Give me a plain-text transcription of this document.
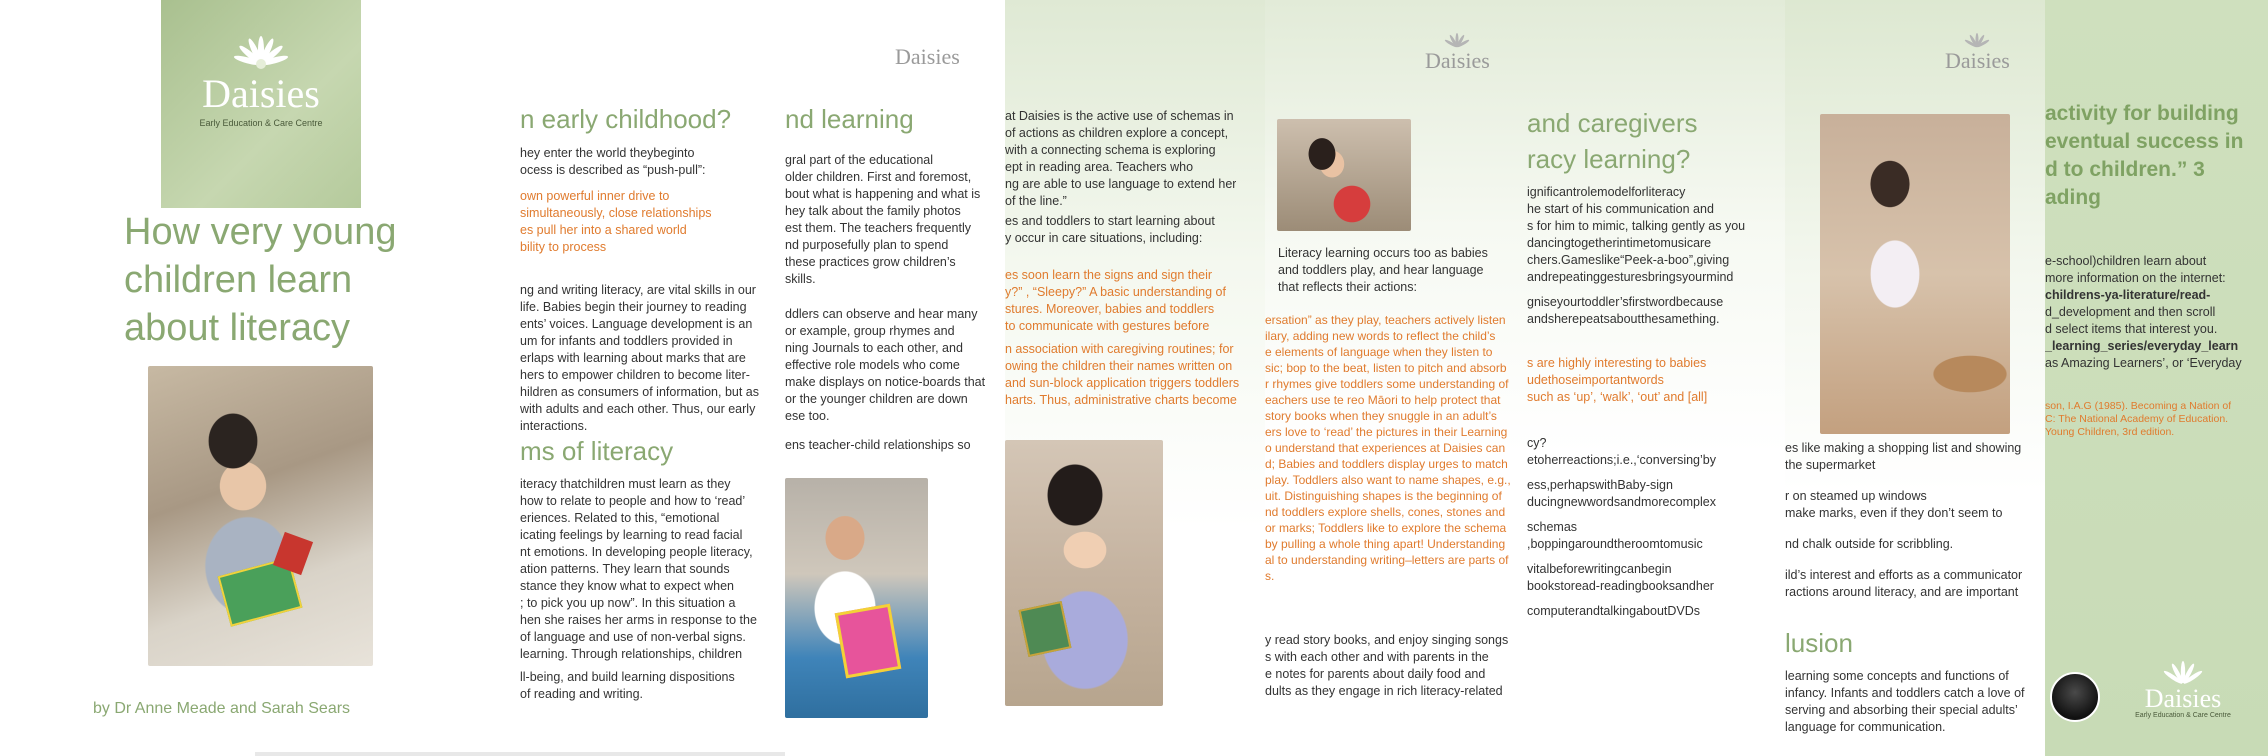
Daisies
Early Education & Care Centre
How very young
children learn
about literacy
by Dr Anne Meade and Sarah Sears
n early childhood?

hey enter the world theybeginto

ocess is described as “push-pull”:

own powerful inner drive to

simultaneously, close relationships

es pull her into a shared world

bility to process

ng and writing literacy, are vital skills in our

life. Babies begin their journey to reading

ents’ voices. Language development is an

um for infants and toddlers provided in

erlaps with learning about marks that are

hers to empower children to become liter-

hildren as consumers of information, but as

with adults and each other. Thus, our early

interactions.

ms of literacy

iteracy thatchildren must learn as they

how to relate to people and how to ‘read’

eriences. Related to this, “emotional

icating feelings by learning to read facial

nt emotions. In developing people literacy,

ation patterns. They learn that sounds

stance they know what to expect when

; to pick you up now”. In this situation a

hen she raises her arms in response to the

of language and use of non-verbal signs.

learning. Through relationships, children

ll-being, and build learning dispositions

of reading and writing.

Daisies
nd learning

gral part of the educational

older children. First and foremost,

bout what is happening and what is

hey talk about the family photos

est them. The teachers frequently

nd purposefully plan to spend

these practices grow children’s

skills.

ddlers can observe and hear many

or example, group rhymes and

ning Journals to each other, and

effective role models who come

make displays on notice-boards that

or the younger children are down

ese too.

ens teacher-child relationships so

at Daisies is the active use of schemas in

of actions as children explore a concept,

with a connecting schema is exploring

ept in reading area. Teachers who

ng are able to use language to extend her

of the line.”

es and toddlers to start learning about

y occur in care situations, including:

es soon learn the signs and sign their

y?” , “Sleepy?” A basic understanding of

stures. Moreover, babies and toddlers

to communicate with gestures before

n association with caregiving routines; for

owing the children their names written on

and sun-block application triggers toddlers

harts. Thus, administrative charts become

Daisies

Literacy learning occurs too as babies

and toddlers play, and hear language

that reflects their actions:

ersation” as they play, teachers actively listen

ilary, adding new words to reflect the child’s

e elements of language when they listen to

sic; bop to the beat, listen to pitch and absorb

r rhymes give toddlers some understanding of

eachers use te reo Māori to help protect that

story books when they snuggle in an adult’s

ers love to ‘read’ the pictures in their Learning

o understand that experiences at Daisies can

d; Babies and toddlers display urges to match

play. Toddlers also want to name shapes, e.g.,

uit. Distinguishing shapes is the beginning of

nd toddlers explore shells, cones, stones and

or marks; Toddlers like to explore the schema

by pulling a whole thing apart! Understanding

al to understanding writing–letters are parts of

s.

y read story books, and enjoy singing songs

s with each other and with parents in the

e notes for parents about daily food and

dults as they engage in rich literacy-related

and caregivers
racy learning?

ignificantrolemodelforliteracy

he start of his communication and

s for him to mimic, talking gently as you

dancingtogetherintimetomusicare

chers.Gameslike“Peek-a-boo”,giving

andrepeatinggesturesbringsyourmind

gniseyourtoddler’sfirstwordbecause

andsherepeatsaboutthesamething.

s are highly interesting to babies

udethoseimportantwords

such as ‘up’, ‘walk’, ‘out’ and [all]

cy?

etoherreactions;i.e.,‘conversing’by

ess,perhapswithBaby-sign

ducingnewwordsandmorecomplex

schemas

,boppingaroundtheroomtomusic

vitalbeforewritingcanbegin

bookstoread-readingbooksandher

computerandtalkingaboutDVDs

Daisies

es like making a shopping list and showing

the supermarket

r on steamed up windows

make marks, even if they don’t seem to

nd chalk outside for scribbling.

ild’s interest and efforts as a communicator

ractions around literacy, and are important

lusion

learning some concepts and functions of

infancy. Infants and toddlers catch a love of

serving and absorbing their special adults’

language for communication.

activity for building
eventual success in
d to children.” 3
ading

e-school)children learn about

more information on the internet:

childrens-ya-literature/read-

d_development and then scroll

d select items that interest you.

_learning_series/everyday_learn

as Amazing Learners’, or ‘Everyday

son, I.A.G (1985). Becoming a Nation of

C: The National Academy of Education.

Young Children, 3rd edition.

Daisies
Early Education & Care Centre
